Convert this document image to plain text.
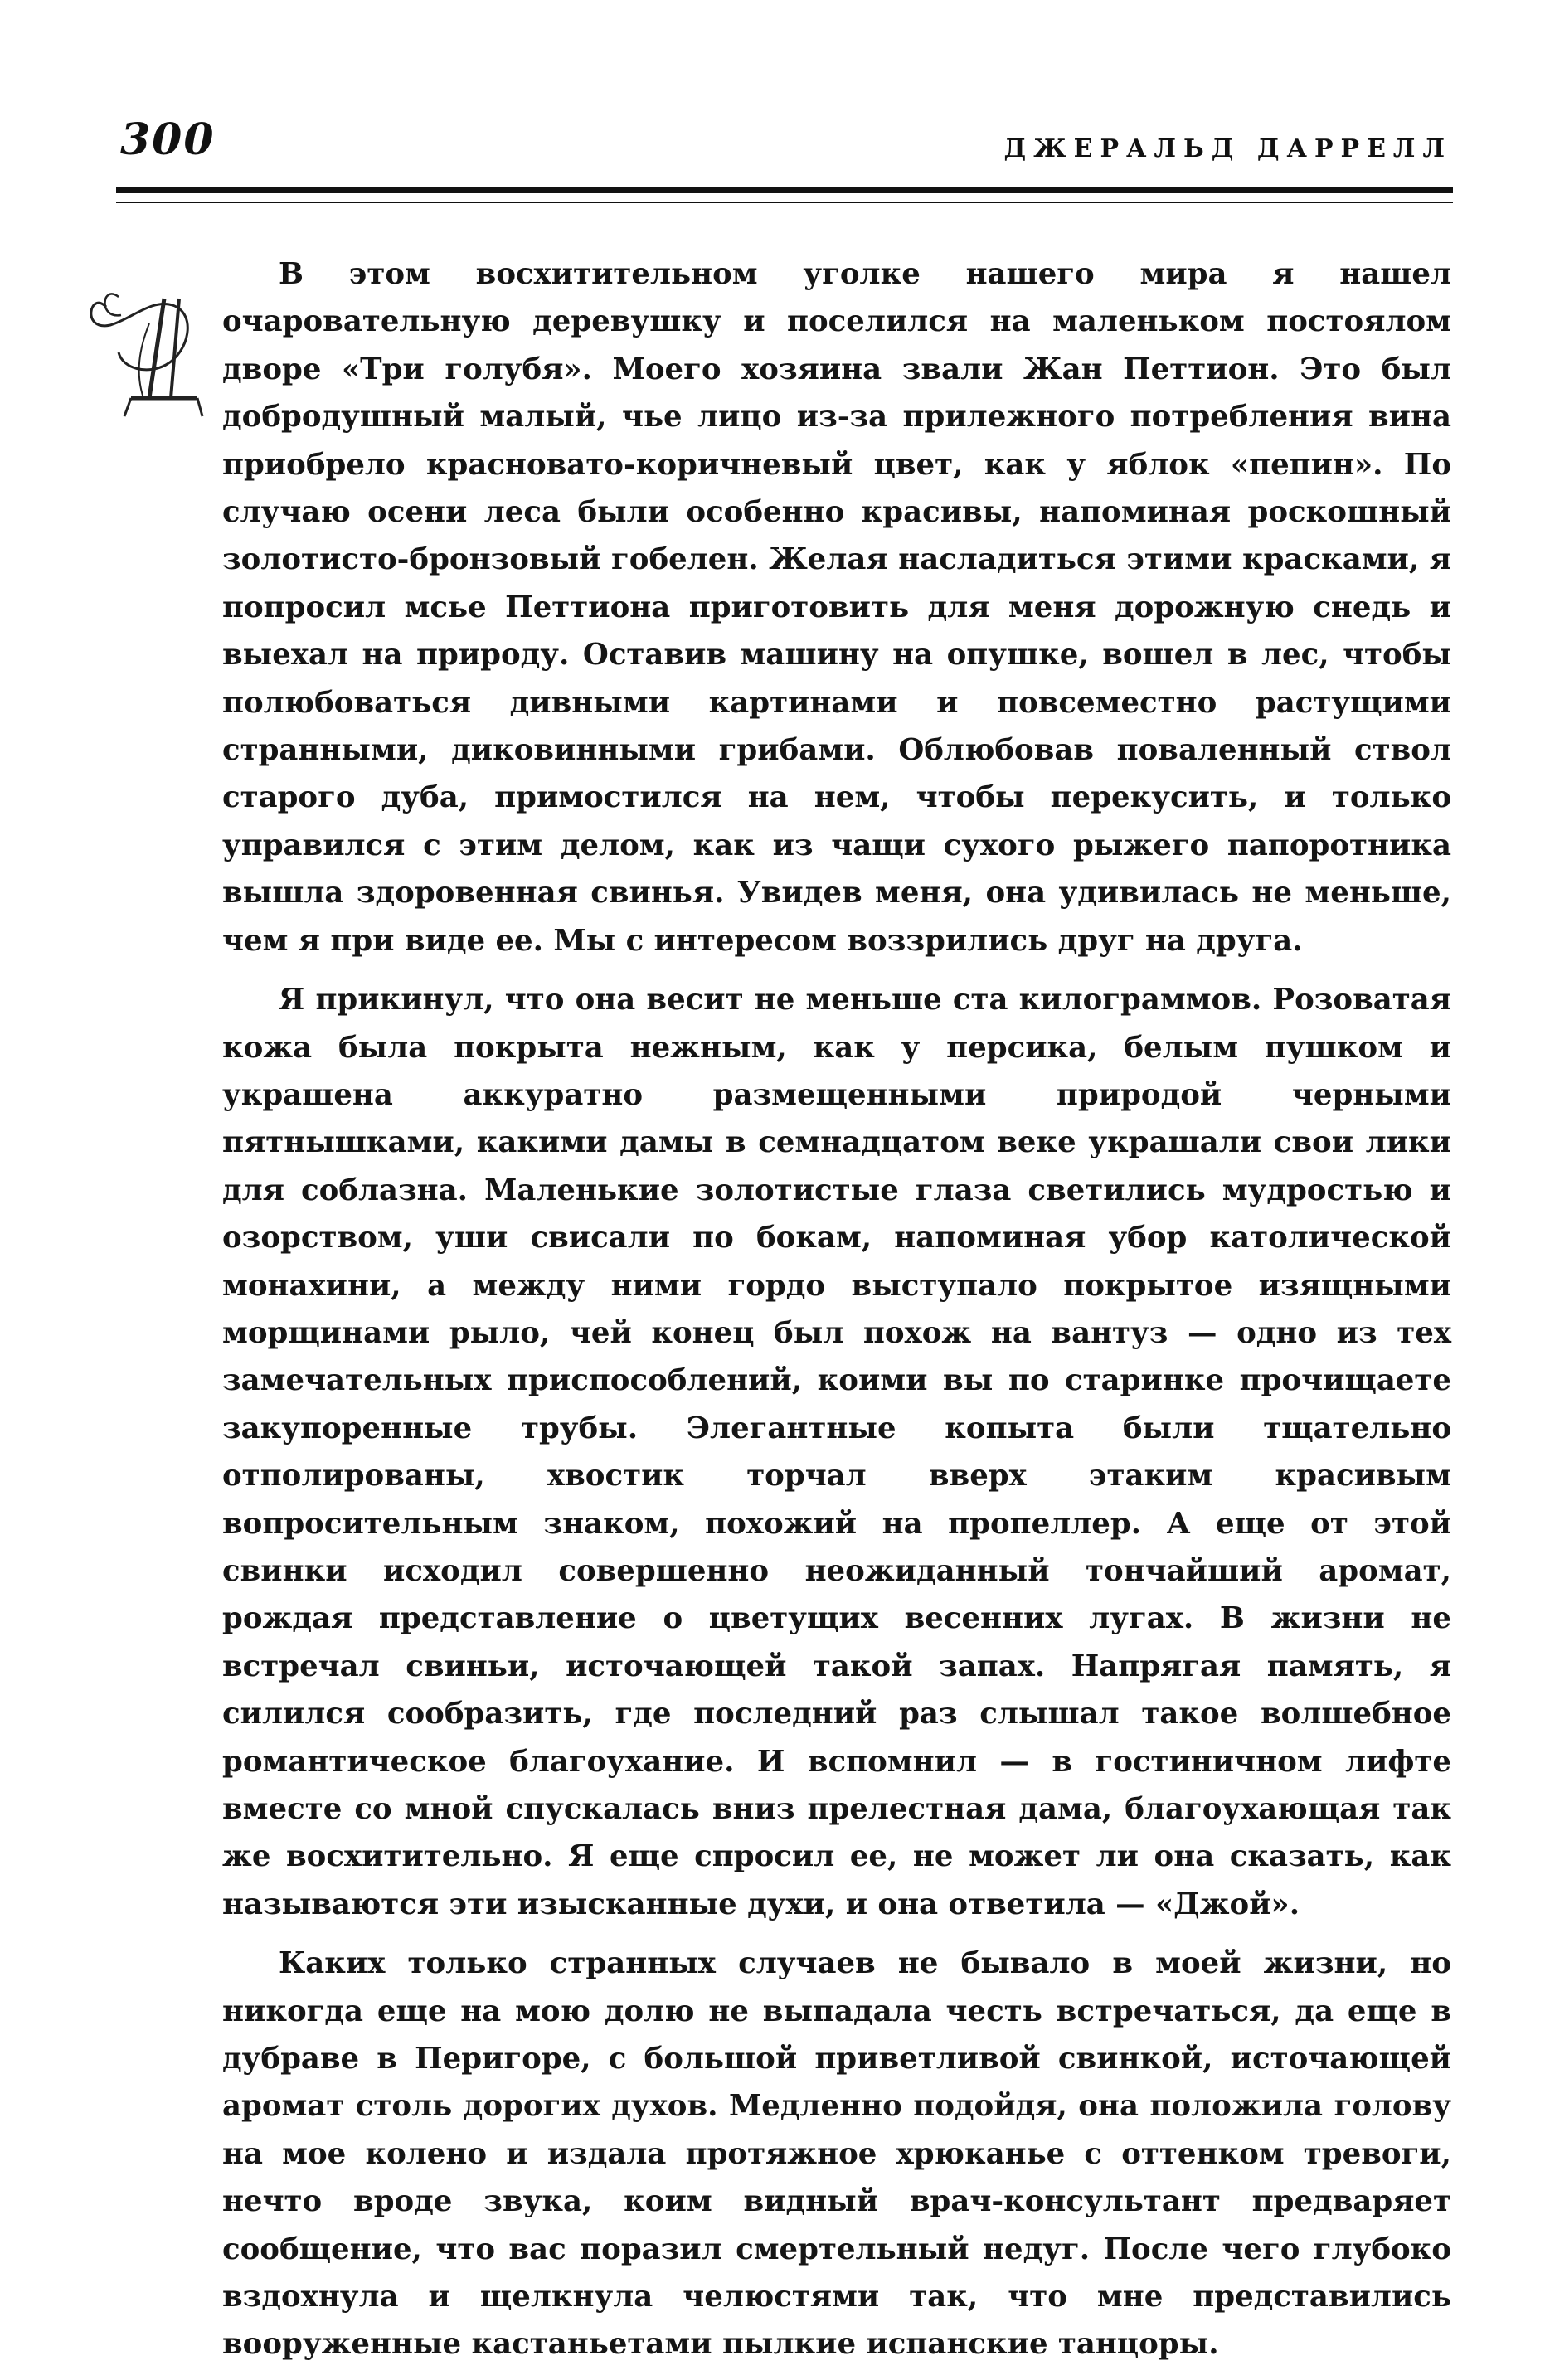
300	ДЖЕРАЛЬД ДАРРЕЛЛ

В этом восхитительном уголке нашего мира я нашел очаровательную деревушку и поселился на маленьком постоялом дворе «Три голубя». Моего хозяина звали Жан Петтион. Это был добродушный малый, чье лицо из-за прилежного потребления вина приобрело красновато-коричневый цвет, как у яблок «пепин». По случаю осени леса были особенно красивы, напоминая роскошный золотисто-бронзовый гобелен. Желая насладиться этими красками, я попросил мсье Петтиона приготовить для меня дорожную снедь и выехал на природу. Оставив машину на опушке, вошел в лес, чтобы полюбоваться дивными картинами и повсеместно растущими странными, диковинными грибами. Облюбовав поваленный ствол старого дуба, примостился на нем, чтобы перекусить, и только управился с этим делом, как из чащи сухого рыжего папоротника вышла здоровенная свинья. Увидев меня, она удивилась не меньше, чем я при виде ее. Мы с интересом воззрились друг на друга.

Я прикинул, что она весит не меньше ста килограммов. Розоватая кожа была покрыта нежным, как у персика, белым пушком и украшена аккуратно размещенными природой черными пятнышками, какими дамы в семнадцатом веке украшали свои лики для соблазна. Маленькие золотистые глаза светились мудростью и озорством, уши свисали по бокам, напоминая убор католической монахини, а между ними гордо выступало покрытое изящными морщинами рыло, чей конец был похож на вантуз — одно из тех замечательных приспособлений, коими вы по старинке прочищаете закупоренные трубы. Элегантные копыта были тщательно отполированы, хвостик торчал вверх этаким красивым вопросительным знаком, похожий на пропеллер. А еще от этой свинки исходил совершенно неожиданный тончайший аромат, рождая представление о цветущих весенних лугах. В жизни не встречал свиньи, источающей такой запах. Напрягая память, я силился сообразить, где последний раз слышал такое волшебное романтическое благоухание. И вспомнил — в гостиничном лифте вместе со мной спускалась вниз прелестная дама, благоухающая так же восхитительно. Я еще спросил ее, не может ли она сказать, как называются эти изысканные духи, и она ответила — «Джой».

Каких только странных случаев не бывало в моей жизни, но никогда еще на мою долю не выпадала честь встречаться, да еще в дубраве в Перигоре, с большой приветливой свинкой, источающей аромат столь дорогих духов. Медленно подойдя, она положила голову на мое колено и издала протяжное хрюканье с оттенком тревоги, нечто вроде звука, коим видный врач-консультант предваряет сообщение, что вас поразил смертельный недуг. После чего глубоко вздохнула и щелкнула челюстями так, что мне представились вооруженные кастаньетами пылкие испанские танцоры.
